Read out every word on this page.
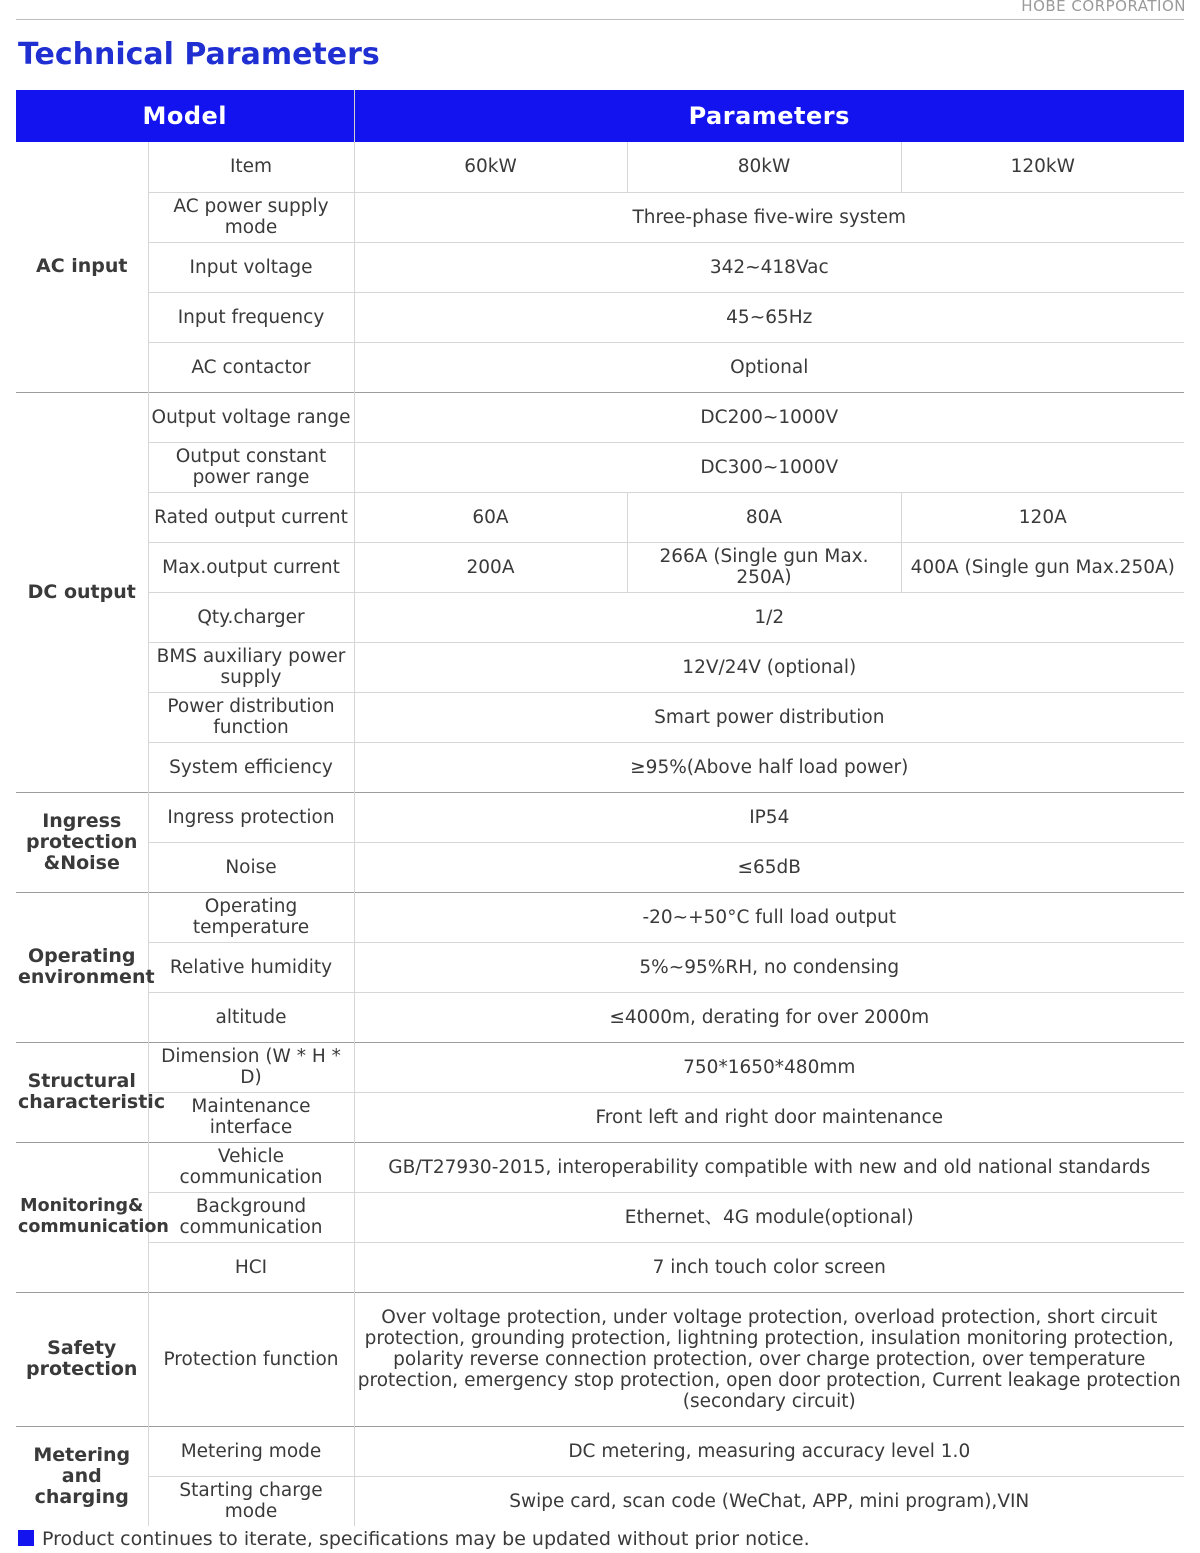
HOBE CORPORATION
Technical Parameters
Model		Parameters		
AC input	Item	60kW	80kW	120kW
	AC power supply mode	Three-phase five-wire system		
	Input voltage	342~418Vac		
	Input frequency	45~65Hz		
	AC contactor	Optional		
DC output	Output voltage range	DC200~1000V		
	Output constant power range	DC300~1000V		
	Rated output current	60A	80A	120A
	Max.output current	200A	266A (Single gun Max. 250A)	400A (Single gun Max.250A)
	Qty.charger	1/2		
	BMS auxiliary power supply	12V/24V (optional)		
	Power distribution function	Smart power distribution		
	System efficiency	≥95%(Above half load power)		
Ingress protection &Noise	Ingress protection	IP54		
	Noise	≤65dB		
Operating environment	Operating temperature	-20~+50°C full load output		
	Relative humidity	5%~95%RH, no condensing		
	altitude	≤4000m, derating for over 2000m		
Structural characteristic	Dimension (W * H * D)	750*1650*480mm		
	Maintenance interface	Front left and right door maintenance		
Monitoring& communication	Vehicle communication	GB/T27930-2015, interoperability compatible with new and old national standards		
	Background communication	Ethernet、4G module(optional)		
	HCI	7 inch touch color screen		
Safety protection	Protection function	Over voltage protection, under voltage protection, overload protection, short circuit protection, grounding protection, lightning protection, insulation monitoring protection, polarity reverse connection protection, over charge protection, over temperature protection, emergency stop protection, open door protection, Current leakage protection (secondary circuit)		
Metering and charging	Metering mode	DC metering, measuring accuracy level 1.0		
	Starting charge mode	Swipe card, scan code (WeChat, APP, mini program),VIN		
Product continues to iterate, specifications may be updated without prior notice.
